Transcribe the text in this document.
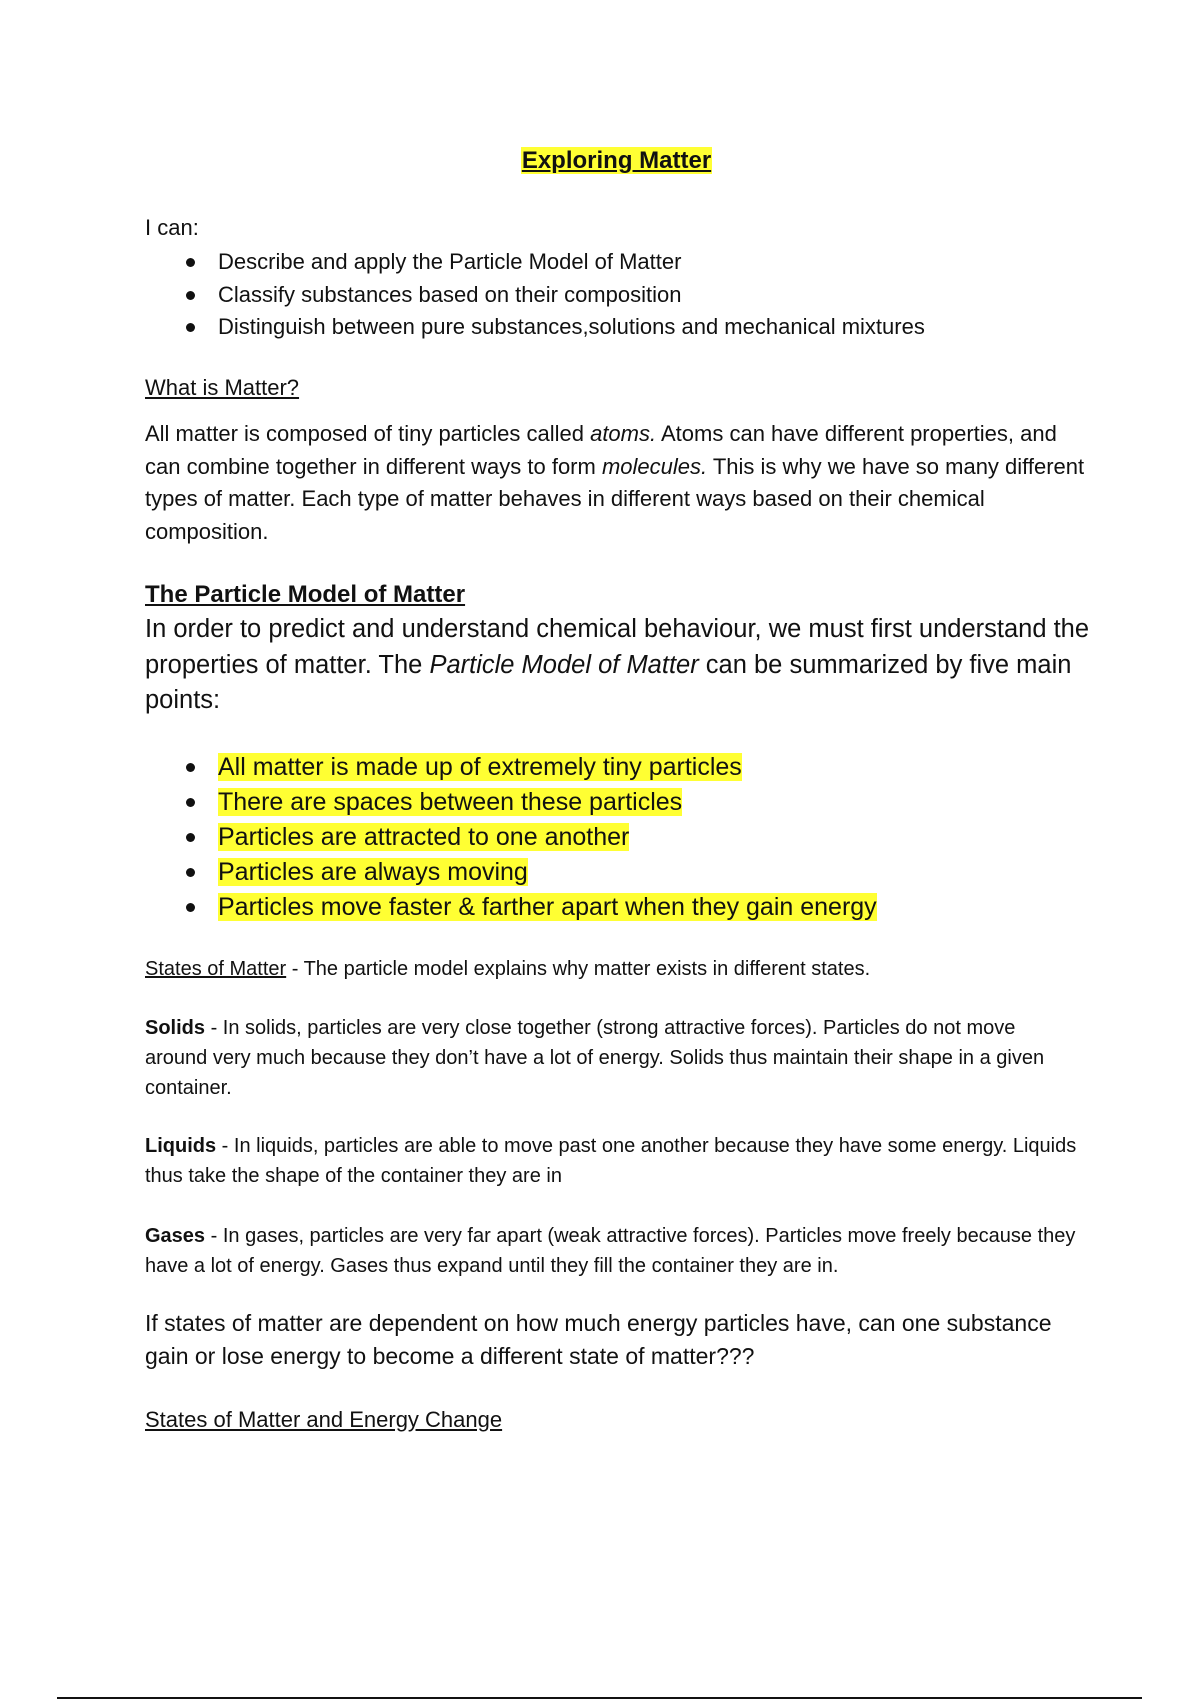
Exploring Matter
I can:
Describe and apply the Particle Model of Matter
Classify substances based on their composition
Distinguish between pure substances,solutions and mechanical mixtures
What is Matter?
All matter is composed of tiny particles called atoms. Atoms can have different properties, and can combine together in different ways to form molecules. This is why we have so many different types of matter. Each type of matter behaves in different ways based on their chemical composition.
The Particle Model of Matter
In order to predict and understand chemical behaviour, we must first understand the properties of matter. The Particle Model of Matter can be summarized by five main points:
All matter is made up of extremely tiny particles
There are spaces between these particles
Particles are attracted to one another
Particles are always moving
Particles move faster & farther apart when they gain energy
States of Matter - The particle model explains why matter exists in different states.
Solids - In solids, particles are very close together (strong attractive forces). Particles do not move around very much because they don’t have a lot of energy. Solids thus maintain their shape in a given container.
Liquids - In liquids, particles are able to move past one another because they have some energy. Liquids thus take the shape of the container they are in
Gases - In gases, particles are very far apart (weak attractive forces). Particles move freely because they have a lot of energy. Gases thus expand until they fill the container they are in.
If states of matter are dependent on how much energy particles have, can one substance gain or lose energy to become a different state of matter???
States of Matter and Energy Change
